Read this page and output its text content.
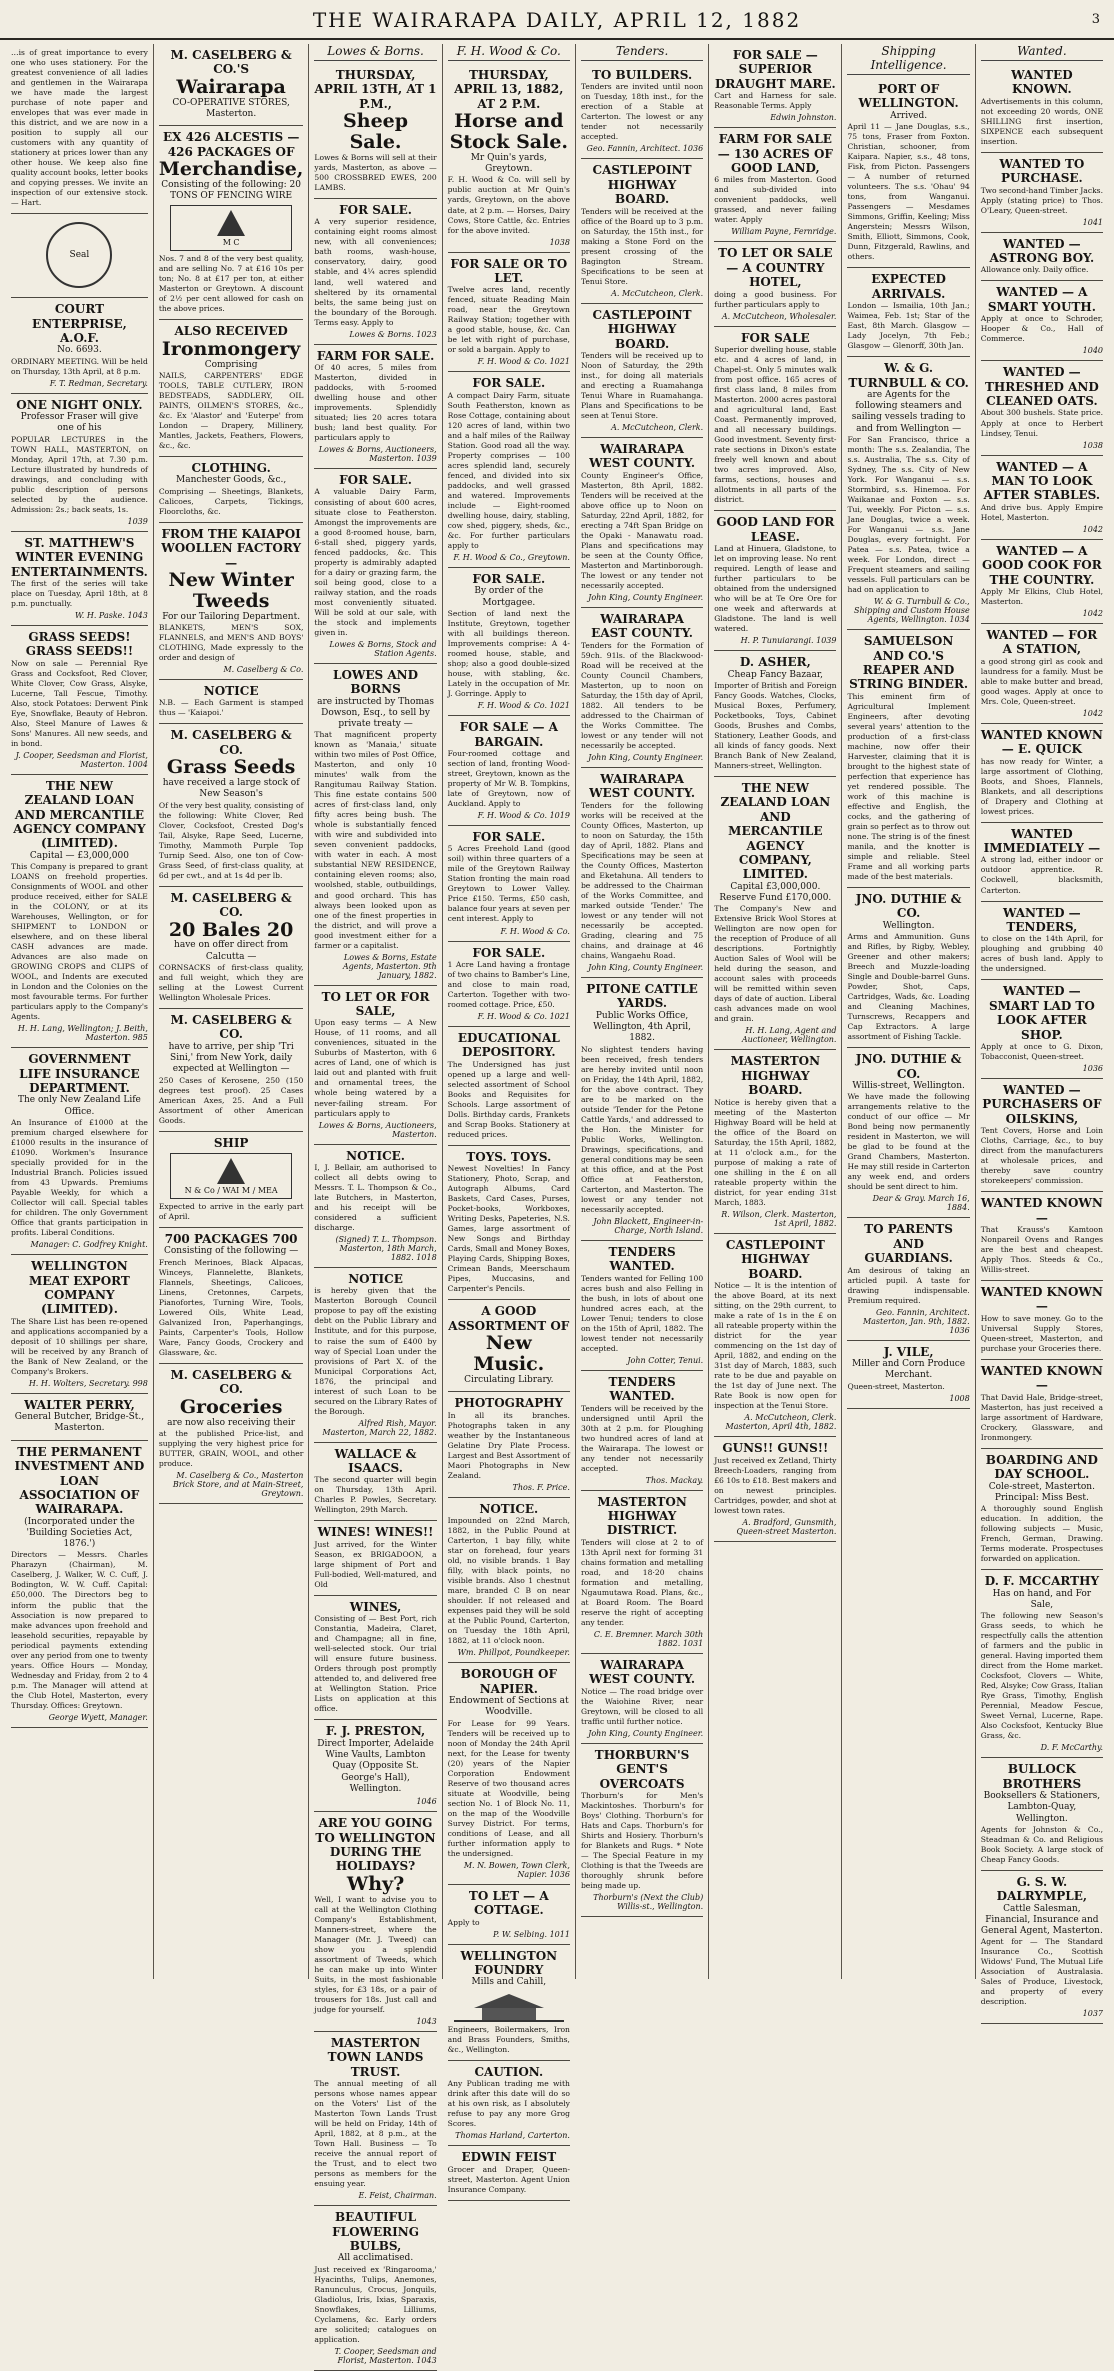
THE WAIRARAPA DAILY, APRIL 12, 1882	3
…is of great importance to every one who uses stationery. For the greatest convenience of all ladies and gentlemen in the Wairarapa we have made the largest purchase of note paper and envelopes that was ever made in this district, and we are now in a position to supply all our customers with any quantity of stationery at prices lower than any other house. We keep also fine quality account books, letter books and copying presses. We invite an inspection of our extensive stock. — Hart.
Seal
COURT ENTERPRISE, A.O.F.
No. 6693.
ORDINARY MEETING. Will be held on Thursday, 13th April, at 8 p.m.
F. T. Redman, Secretary.
ONE NIGHT ONLY.
Professor Fraser will give one of his
POPULAR LECTURES in the TOWN HALL, MASTERTON, on Monday, April 17th, at 7.30 p.m. Lecture illustrated by hundreds of drawings, and concluding with public description of persons selected by the audience. Admission: 2s.; back seats, 1s.
1039
ST. MATTHEW'S WINTER EVENING ENTERTAINMENTS.
The first of the series will take place on Tuesday, April 18th, at 8 p.m. punctually.
W. H. Paske. 1043
GRASS SEEDS! GRASS SEEDS!!
Now on sale — Perennial Rye Grass and Cocksfoot, Red Clover, White Clover, Cow Grass, Alsyke, Lucerne, Tall Fescue, Timothy. Also, stock Potatoes: Derwent Pink Eye, Snowflake, Beauty of Hebron. Also, Steel Manure of Lawes & Sons' Manures. All new seeds, and in bond.
J. Cooper, Seedsman and Florist, Masterton. 1004
THE NEW ZEALAND LOAN AND MERCANTILE AGENCY COMPANY (LIMITED).
Capital — £3,000,000
This Company is prepared to grant LOANS on freehold properties. Consignments of WOOL and other produce received, either for SALE in the COLONY, or at its Warehouses, Wellington, or for SHIPMENT to LONDON or elsewhere, and on these liberal CASH advances are made. Advances are also made on GROWING CROPS and CLIPS of WOOL, and Indents are executed in London and the Colonies on the most favourable terms. For further particulars apply to the Company's Agents.
H. H. Lang, Wellington; J. Beith, Masterton. 985
GOVERNMENT LIFE INSURANCE DEPARTMENT.
The only New Zealand Life Office.
An Insurance of £1000 at the premium charged elsewhere for £1000 results in the insurance of £1090. Workmen's Insurance specially provided for in the Industrial Branch. Policies issued from 43 Upwards. Premiums Payable Weekly, for which a Collector will call. Special tables for children. The only Government Office that grants participation in profits. Liberal Conditions.
Manager: C. Godfrey Knight.
WELLINGTON MEAT EXPORT COMPANY (LIMITED).
The Share List has been re-opened and applications accompanied by a deposit of 10 shillings per share, will be received by any Branch of the Bank of New Zealand, or the Company's Brokers.
H. H. Wolters, Secretary. 998
WALTER PERRY,
General Butcher, Bridge-St., Masterton.
THE PERMANENT INVESTMENT AND LOAN ASSOCIATION OF WAIRARAPA.
(Incorporated under the 'Building Societies Act, 1876.')
Directors — Messrs. Charles Pharazyn (Chairman), M. Caselberg, J. Walker, W. C. Cuff, J. Bodington, W. W. Cuff. Capital: £50,000. The Directors beg to inform the public that the Association is now prepared to make advances upon freehold and leasehold securities, repayable by periodical payments extending over any period from one to twenty years. Office Hours — Monday, Wednesday and Friday, from 2 to 4 p.m. The Manager will attend at the Club Hotel, Masterton, every Thursday. Offices: Greytown.
George Wyett, Manager.
M. CASELBERG & CO.'S
Wairarapa
CO-OPERATIVE STORES, Masterton.
EX 426 ALCESTIS — 426 PACKAGES OF
Merchandise,
Consisting of the following: 20 TONS OF FENCING WIRE
M C
Nos. 7 and 8 of the very best quality, and are selling No. 7 at £16 10s per ton; No. 8 at £17 per ton, at either Masterton or Greytown. A discount of 2½ per cent allowed for cash on the above prices.
ALSO RECEIVED
Ironmongery
Comprising
NAILS, CARPENTERS' EDGE TOOLS, TABLE CUTLERY, IRON BEDSTEADS, SADDLERY, OIL PAINTS, OILMEN'S STORES, &c., &c. Ex 'Alastor' and 'Euterpe' from London — Drapery, Millinery, Mantles, Jackets, Feathers, Flowers, &c., &c.
CLOTHING.
Manchester Goods, &c.,
Comprising — Sheetings, Blankets, Calicoes, Carpets, Tickings, Floorcloths, &c.
FROM THE KAIAPOI WOOLLEN FACTORY —
New Winter Tweeds
For our Tailoring Department.
BLANKETS, MEN'S SOX, FLANNELS, and MEN'S AND BOYS' CLOTHING, Made expressly to the order and design of
M. Caselberg & Co.
NOTICE
N.B. — Each Garment is stamped thus — 'Kaiapoi.'
M. CASELBERG & CO.
Grass Seeds
have received a large stock of New Season's
Of the very best quality, consisting of the following: White Clover, Red Clover, Cocksfoot, Crested Dog's Tail, Alsyke, Rape Seed, Lucerne, Timothy, Mammoth Purple Top Turnip Seed. Also, one ton of Cow-Grass Seed, of first-class quality, at 6d per cwt., and at 1s 4d per lb.
M. CASELBERG & CO.
20 Bales 20
have on offer direct from Calcutta —
CORNSACKS of first-class quality, and full weight, which they are selling at the Lowest Current Wellington Wholesale Prices.
M. CASELBERG & CO.
have to arrive, per ship 'Tri Sini,' from New York, daily expected at Wellington —
250 Cases of Kerosene, 250 (150 degrees test proof). 25 Cases American Axes, 25. And a Full Assortment of other American Goods.
SHIP
N & Co / WAI M / MEA
Expected to arrive in the early part of April.
700 PACKAGES 700
Consisting of the following —
French Merinoes, Black Alpacas, Winceys, Flannelette, Blankets, Flannels, Sheetings, Calicoes, Linens, Cretonnes, Carpets, Pianofortes, Turning Wire, Tools, Lowered Oils, White Lead, Galvanized Iron, Paperhangings, Paints, Carpenter's Tools, Hollow Ware, Fancy Goods, Crockery and Glassware, &c.
M. CASELBERG & CO.
Groceries
are now also receiving their
at the published Price-list, and supplying the very highest price for BUTTER, GRAIN, WOOL, and other produce.
M. Caselberg & Co., Masterton Brick Store, and at Main-Street, Greytown.
Lowes & Borns.
THURSDAY, APRIL 13TH, AT 1 P.M.,
Sheep Sale.
Lowes & Borns will sell at their yards, Masterton, as above — 500 CROSSBRED EWES, 200 LAMBS.
FOR SALE.
A very superior residence, containing eight rooms almost new, with all conveniences; bath rooms, wash-house, conservatory, dairy, good stable, and 4¼ acres splendid land, well watered and sheltered by its ornamental belts, the same being just on the boundary of the Borough. Terms easy. Apply to
Lowes & Borns. 1023
FARM FOR SALE.
Of 40 acres, 5 miles from Masterton, divided in paddocks, with 5-roomed dwelling house and other improvements. Splendidly situated; lies 20 acres totara bush; land best quality. For particulars apply to
Lowes & Borns, Auctioneers, Masterton. 1039
FOR SALE.
A valuable Dairy Farm, consisting of about 600 acres, situate close to Featherston. Amongst the improvements are a good 8-roomed house, barn, 6-stall shed, piggery yards, fenced paddocks, &c. This property is admirably adapted for a dairy or grazing farm, the soil being good, close to a railway station, and the roads most conveniently situated. Will be sold at our sale, with the stock and implements given in.
Lowes & Borns, Stock and Station Agents.
LOWES AND BORNS
are instructed by Thomas Dowson, Esq., to sell by private treaty —
That magnificent property known as 'Manaia,' situate within two miles of Post Office, Masterton, and only 10 minutes' walk from the Rangitumau Railway Station. This fine estate contains 500 acres of first-class land, only fifty acres being bush. The whole is substantially fenced with wire and subdivided into seven convenient paddocks, with water in each. A most substantial NEW RESIDENCE, containing eleven rooms; also, woolshed, stable, outbuildings, and good orchard. This has always been looked upon as one of the finest properties in the district, and will prove a good investment either for a farmer or a capitalist.
Lowes & Borns, Estate Agents, Masterton. 9th January, 1882.
TO LET OR FOR SALE,
Upon easy terms — A New House, of 11 rooms, and all conveniences, situated in the Suburbs of Masterton, with 6 acres of Land, one of which is laid out and planted with fruit and ornamental trees, the whole being watered by a never-failing stream. For particulars apply to
Lowes & Borns, Auctioneers, Masterton.
NOTICE.
I, J. Bellair, am authorised to collect all debts owing to Messrs. T. L. Thompson & Co., late Butchers, in Masterton, and his receipt will be considered a sufficient discharge.
(Signed) T. L. Thompson. Masterton, 18th March, 1882. 1018
NOTICE
is hereby given that the Masterton Borough Council propose to pay off the existing debt on the Public Library and Institute, and for this purpose, to raise the sum of £400 by way of Special Loan under the provisions of Part X. of the Municipal Corporations Act, 1876, the principal and interest of such Loan to be secured on the Library Rates of the Borough.
Alfred Rish, Mayor. Masterton, March 22, 1882.
WALLACE & ISAACS.
The second quarter will begin on Thursday, 13th April. Charles P. Powles, Secretary. Wellington, 29th March.
WINES! WINES!!
Just arrived, for the Winter Season, ex BRIGADOON, a large shipment of Port and Full-bodied, Well-matured, and Old
WINES,
Consisting of — Best Port, rich Constantia, Madeira, Claret, and Champagne; all in fine, well-selected stock. Our trial will ensure future business. Orders through post promptly attended to, and delivered free at Wellington Station. Price Lists on application at this office.
F. J. PRESTON,
Direct Importer, Adelaide Wine Vaults, Lambton Quay (Opposite St. George's Hall), Wellington.
1046
ARE YOU GOING TO WELLINGTON DURING THE HOLIDAYS?
Why?
Well, I want to advise you to call at the Wellington Clothing Company's Establishment, Manners-street, where the Manager (Mr. J. Tweed) can show you a splendid assortment of Tweeds, which he can make up into Winter Suits, in the most fashionable styles, for £3 18s, or a pair of trousers for 18s. Just call and judge for yourself.
1043
MASTERTON TOWN LANDS TRUST.
The annual meeting of all persons whose names appear on the Voters' List of the Masterton Town Lands Trust will be held on Friday, 14th of April, 1882, at 8 p.m., at the Town Hall. Business — To receive the annual report of the Trust, and to elect two persons as members for the ensuing year.
E. Feist, Chairman.
BEAUTIFUL FLOWERING BULBS,
All acclimatised.
Just received ex 'Ringarooma,' Hyacinths, Tulips, Anemones, Ranunculus, Crocus, Jonquils, Gladiolus, Iris, Ixias, Sparaxis, Snowflakes, Lilliums, Cyclamens, &c. Early orders are solicited; catalogues on application.
T. Cooper, Seedsman and Florist, Masterton. 1043
F. H. Wood & Co.
THURSDAY, APRIL 13, 1882, AT 2 P.M.
Horse and Stock Sale.
Mr Quin's yards, Greytown.
F. H. Wood & Co. will sell by public auction at Mr Quin's yards, Greytown, on the above date, at 2 p.m. — Horses, Dairy Cows, Store Cattle, &c. Entries for the above invited.
1038
FOR SALE OR TO LET.
Twelve acres land, recently fenced, situate Reading Main road, near the Greytown Railway Station; together with a good stable, house, &c. Can be let with right of purchase, or sold a bargain. Apply to
F. H. Wood & Co. 1021
FOR SALE.
A compact Dairy Farm, situate South Featherston, known as Rose Cottage, containing about 120 acres of land, within two and a half miles of the Railway Station. Good road all the way. Property comprises — 100 acres splendid land, securely fenced, and divided into six paddocks, and well grassed and watered. Improvements include — Eight-roomed dwelling house, dairy, stabling, cow shed, piggery, sheds, &c., &c. For further particulars apply to
F. H. Wood & Co., Greytown.
FOR SALE.
By order of the Mortgagee.
Section of land next the Institute, Greytown, together with all buildings thereon. Improvements comprise: A 4-roomed house, stable, and shop; also a good double-sized house, with stabling, &c. Lately in the occupation of Mr. J. Gorringe. Apply to
F. H. Wood & Co. 1021
FOR SALE — A BARGAIN.
Four-roomed cottage and section of land, fronting Wood-street, Greytown, known as the property of Mr W. B. Tompkins, late of Greytown, now of Auckland. Apply to
F. H. Wood & Co. 1019
FOR SALE.
5 Acres Freehold Land (good soil) within three quarters of a mile of the Greytown Railway Station fronting the main road Greytown to Lower Valley. Price £150. Terms, £50 cash, balance four years at seven per cent interest. Apply to
F. H. Wood & Co.
FOR SALE.
1 Acre Land having a frontage of two chains to Bamber's Line, and close to main road, Carterton. Together with two-roomed cottage. Price, £50.
F. H. Wood & Co. 1021
EDUCATIONAL DEPOSITORY.
The Undersigned has just opened up a large and well-selected assortment of School Books and Requisites for Schools. Large assortment of Dolls. Birthday cards, Frankets and Scrap Books. Stationery at reduced prices.
TOYS. TOYS.
Newest Novelties! In Fancy Stationery, Photo, Scrap, and Autograph Albums, Card Baskets, Card Cases, Purses, Pocket-books, Workboxes, Writing Desks, Papeteries, N.S. Games, large assortment of New Songs and Birthday Cards, Small and Money Boxes, Playing Cards, Shipping Boxes, Crimean Bands, Meerschaum Pipes, Muccasins, and Carpenter's Pencils.
A GOOD ASSORTMENT OF
New Music.
Circulating Library.
PHOTOGRAPHY
In all its branches. Photographs taken in any weather by the Instantaneous Gelatine Dry Plate Process. Largest and Best Assortment of Maori Photographs in New Zealand.
Thos. F. Price.
NOTICE.
Impounded on 22nd March, 1882, in the Public Pound at Carterton, 1 bay filly, white star on forehead, four years old, no visible brands. 1 Bay filly, with black points, no visible brands. Also 1 chestnut mare, branded C B on near shoulder. If not released and expenses paid they will be sold at the Public Pound, Carterton, on Tuesday the 18th April, 1882, at 11 o'clock noon.
Wm. Phillpot, Poundkeeper.
BOROUGH OF NAPIER.
Endowment of Sections at Woodville.
For Lease for 99 Years. Tenders will be received up to noon of Monday the 24th April next, for the Lease for twenty (20) years of the Napier Corporation Endowment Reserve of two thousand acres situate at Woodville, being section No. 1 of Block No. 11, on the map of the Woodville Survey District. For terms, conditions of Lease, and all further information apply to the undersigned.
M. N. Bowen, Town Clerk, Napier. 1036
TO LET — A COTTAGE.
Apply to
P. W. Selbing. 1011
WELLINGTON FOUNDRY
Mills and Cahill,
Engineers, Boilermakers, Iron and Brass Founders, Smiths, &c., Wellington.
CAUTION.
Any Publican trading me with drink after this date will do so at his own risk, as I absolutely refuse to pay any more Grog Scores.
Thomas Harland, Carterton.
EDWIN FEIST
Grocer and Draper, Queen-street, Masterton. Agent Union Insurance Company.
Tenders.
TO BUILDERS.
Tenders are invited until noon on Tuesday, 18th inst., for the erection of a Stable at Carterton. The lowest or any tender not necessarily accepted.
Geo. Fannin, Architect. 1036
CASTLEPOINT HIGHWAY BOARD.
Tenders will be received at the office of the Board up to 3 p.m. on Saturday, the 15th inst., for making a Stone Ford on the present crossing of the Bagington Stream. Specifications to be seen at Tenui Store.
A. McCutcheon, Clerk.
CASTLEPOINT HIGHWAY BOARD.
Tenders will be received up to Noon of Saturday, the 29th inst., for doing all materials and erecting a Ruamahanga Tenui Whare in Ruamahanga. Plans and Specifications to be seen at Tenui Store.
A. McCutcheon, Clerk.
WAIRARAPA WEST COUNTY.
County Engineer's Office, Masterton, 8th April, 1882. Tenders will be received at the above office up to Noon on Saturday, 22nd April, 1882, for erecting a 74ft Span Bridge on the Opaki - Manawatu road. Plans and specifications may be seen at the County Office, Masterton and Martinborough. The lowest or any tender not necessarily accepted.
John King, County Engineer.
WAIRARAPA EAST COUNTY.
Tenders for the Formation of 59ch. 91ls. of the Blackwood-Road will be received at the County Council Chambers, Masterton, up to noon on Saturday, the 15th day of April, 1882. All tenders to be addressed to the Chairman of the Works Committee. The lowest or any tender will not necessarily be accepted.
John King, County Engineer.
WAIRARAPA WEST COUNTY.
Tenders for the following works will be received at the County Offices, Masterton, up to noon on Saturday, the 15th day of April, 1882. Plans and Specifications may be seen at the County Offices, Masterton and Eketahuna. All tenders to be addressed to the Chairman of the Works Committee, and marked outside 'Tender.' The lowest or any tender will not necessarily be accepted. Grading, clearing and 75 chains, and drainage at 46 chains, Wangaehu Road.
John King, County Engineer.
PITONE CATTLE YARDS.
Public Works Office, Wellington, 4th April, 1882.
No slightest tenders having been received, fresh tenders are hereby invited until noon on Friday, the 14th April, 1882, for the above contract. They are to be marked on the outside 'Tender for the Petone Cattle Yards,' and addressed to the Hon. the Minister for Public Works, Wellington. Drawings, specifications, and general conditions may be seen at this office, and at the Post Office at Featherston, Carterton, and Masterton. The lowest or any tender not necessarily accepted.
John Blackett, Engineer-in-Charge, North Island.
TENDERS WANTED.
Tenders wanted for Felling 100 acres bush and also Felling in the bush, in lots of about one hundred acres each, at the Lower Tenui; tenders to close on the 15th of April, 1882. The lowest tender not necessarily accepted.
John Cotter, Tenui.
TENDERS WANTED.
Tenders will be received by the undersigned until April the 30th at 2 p.m. for Ploughing two hundred acres of land at the Wairarapa. The lowest or any tender not necessarily accepted.
Thos. Mackay.
MASTERTON HIGHWAY DISTRICT.
Tenders will close at 2 to of 13th April next for forming 31 chains formation and metalling road, and 18·20 chains formation and metalling, Ngaumutawa Road. Plans, &c., at Board Room. The Board reserve the right of accepting any tender.
C. E. Bremner. March 30th 1882. 1031
WAIRARAPA WEST COUNTY.
Notice — The road bridge over the Waiohine River, near Greytown, will be closed to all traffic until further notice.
John King, County Engineer.
THORBURN'S GENT'S OVERCOATS
Thorburn's for Men's Mackintoshes. Thorburn's for Boys' Clothing. Thorburn's for Hats and Caps. Thorburn's for Shirts and Hosiery. Thorburn's for Blankets and Rugs. * Note — The Special Feature in my Clothing is that the Tweeds are thoroughly shrunk before being made up.
Thorburn's (Next the Club) Willis-st., Wellington.
FOR SALE — SUPERIOR DRAUGHT MARE.
Cart and Harness for sale. Reasonable Terms. Apply
Edwin Johnston.
FARM FOR SALE — 130 ACRES OF GOOD LAND,
6 miles from Masterton. Good and sub-divided into convenient paddocks, well grassed, and never failing water. Apply
William Payne, Fernridge.
TO LET OR SALE — A COUNTRY HOTEL,
doing a good business. For further particulars apply to
A. McCutcheon, Wholesaler.
FOR SALE
Superior dwelling house, stable etc. and 4 acres of land, in Chapel-st. Only 5 minutes walk from post office. 165 acres of first class land, 8 miles from Masterton. 2000 acres pastoral and agricultural land, East Coast. Permanently improved, and all necessary buildings. Good investment. Seventy first-rate sections in Dixon's estate freely well known and about two acres improved. Also, farms, sections, houses and allotments in all parts of the district.
GOOD LAND FOR LEASE.
Land at Hinuera, Gladstone, to let on improving lease. No rent required. Length of lease and further particulars to be obtained from the undersigned who will be at Te Ore Ore for one week and afterwards at Gladstone. The land is well watered.
H. P. Tunuiarangi. 1039
D. ASHER,
Cheap Fancy Bazaar,
Importer of British and Foreign Fancy Goods. Watches, Clocks, Musical Boxes, Perfumery, Pocketbooks, Toys, Cabinet Goods, Brushes and Combs, Stationery, Leather Goods, and all kinds of fancy goods. Next Branch Bank of New Zealand, Manners-street, Wellington.
THE NEW ZEALAND LOAN AND MERCANTILE AGENCY COMPANY, LIMITED.
Capital £3,000,000. Reserve Fund £170,000.
The Company's New and Extensive Brick Wool Stores at Wellington are now open for the reception of Produce of all descriptions. Fortnightly Auction Sales of Wool will be held during the season, and account sales with proceeds will be remitted within seven days of date of auction. Liberal cash advances made on wool and grain.
H. H. Lang, Agent and Auctioneer, Wellington.
MASTERTON HIGHWAY BOARD.
Notice is hereby given that a meeting of the Masterton Highway Board will be held at the office of the Board on Saturday, the 15th April, 1882, at 11 o'clock a.m., for the purpose of making a rate of one shilling in the £ on all rateable property within the district, for year ending 31st March, 1883.
R. Wilson, Clerk. Masterton, 1st April, 1882.
CASTLEPOINT HIGHWAY BOARD.
Notice — It is the intention of the above Board, at its next sitting, on the 29th current, to make a rate of 1s in the £ on all rateable property within the district for the year commencing on the 1st day of April, 1882, and ending on the 31st day of March, 1883, such rate to be due and payable on the 1st day of June next. The Rate Book is now open for inspection at the Tenui Store.
A. McCutcheon, Clerk. Masterton, April 4th, 1882.
GUNS!! GUNS!!
Just received ex Zetland, Thirty Breech-Loaders, ranging from £6 10s to £18. Best makers and on newest principles. Cartridges, powder, and shot at lowest town rates.
A. Bradford, Gunsmith, Queen-street Masterton.
Shipping Intelligence.
PORT OF WELLINGTON.
Arrived.
April 11 — Jane Douglas, s.s., 75 tons, Fraser from Foxton. Christian, schooner, from Kaipara. Napier, s.s., 48 tons, Fisk, from Picton. Passengers — A number of returned volunteers. The s.s. 'Ohau' 94 tons, from Wanganui. Passengers — Mesdames Simmons, Griffin, Keeling; Miss Angerstein; Messrs Wilson, Smith, Elliott, Simmons, Cook, Dunn, Fitzgerald, Rawlins, and others.
EXPECTED ARRIVALS.
London — Ismailia, 10th Jan.; Waimea, Feb. 1st; Star of the East, 8th March. Glasgow — Lady Jocelyn, 7th Feb.; Glasgow — Glenorff, 30th Jan.
W. & G. TURNBULL & CO.
are Agents for the following steamers and sailing vessels trading to and from Wellington —
For San Francisco, thrice a month: The s.s. Zealandia, The s.s. Australia, The s.s. City of Sydney, The s.s. City of New York. For Wanganui — s.s. Stormbird, s.s. Hinemoa. For Waikanae and Foxton — s.s. Tui, weekly. For Picton — s.s. Jane Douglas, twice a week. For Wanganui — s.s. Jane Douglas, every fortnight. For Patea — s.s. Patea, twice a week. For London, direct — Frequent steamers and sailing vessels. Full particulars can be had on application to
W. & G. Turnbull & Co., Shipping and Custom House Agents, Wellington. 1034
SAMUELSON AND CO.'S REAPER AND STRING BINDER.
This eminent firm of Agricultural Implement Engineers, after devoting several years' attention to the production of a first-class machine, now offer their Harvester, claiming that it is brought to the highest state of perfection that experience has yet rendered possible. The work of this machine is effective and English, the cocks, and the gathering of grain so perfect as to throw out none. The string is of the finest manila, and the knotter is simple and reliable. Steel Frame and all working parts made of the best materials.
JNO. DUTHIE & CO.
Wellington.
Arms and Ammunition. Guns and Rifles, by Rigby, Webley, Greener and other makers; Breech and Muzzle-loading Single and Double-barrel Guns. Powder, Shot, Caps, Cartridges, Wads, &c. Loading and Cleaning Machines, Turnscrews, Recappers and Cap Extractors. A large assortment of Fishing Tackle.
JNO. DUTHIE & CO.
Willis-street, Wellington.
We have made the following arrangements relative to the conduct of our office — Mr Bond being now permanently resident in Masterton, we will be glad to be found at the Grand Chambers, Masterton. He may still reside in Carterton any week end, and orders should be sent direct to him.
Dear & Gray. March 16, 1884.
TO PARENTS AND GUARDIANS.
Am desirous of taking an articled pupil. A taste for drawing indispensable. Premium required.
Geo. Fannin, Architect. Masterton, Jan. 9th, 1882. 1036
J. VILE,
Miller and Corn Produce Merchant.
Queen-street, Masterton.
1008
Wanted.
WANTED KNOWN.
Advertisements in this column, not exceeding 20 words, ONE SHILLING first insertion, SIXPENCE each subsequent insertion.
WANTED TO PURCHASE.
Two second-hand Timber Jacks. Apply (stating price) to Thos. O'Leary, Queen-street.
1041
WANTED — ASTRONG BOY.
Allowance only. Daily office.
WANTED — A SMART YOUTH.
Apply at once to Schroder, Hooper & Co., Hall of Commerce.
1040
WANTED — THRESHED AND CLEANED OATS.
About 300 bushels. State price. Apply at once to Herbert Lindsey, Tenui.
1038
WANTED — A MAN TO LOOK AFTER STABLES.
And drive bus. Apply Empire Hotel, Masterton.
1042
WANTED — A GOOD COOK FOR THE COUNTRY.
Apply Mr Elkins, Club Hotel, Masterton.
1042
WANTED — FOR A STATION,
a good strong girl as cook and laundress for a family. Must be able to make butter and bread, good wages. Apply at once to Mrs. Cole, Queen-street.
1042
WANTED KNOWN — E. QUICK
has now ready for Winter, a large assortment of Clothing, Boots, and Shoes, Flannels, Blankets, and all descriptions of Drapery and Clothing at lowest prices.
WANTED IMMEDIATELY —
A strong lad, either indoor or outdoor apprentice. R. Cockwell, blacksmith, Carterton.
WANTED — TENDERS,
to close on the 14th April, for ploughing and grubbing 40 acres of bush land. Apply to the undersigned.
WANTED — SMART LAD TO LOOK AFTER SHOP.
Apply at once to G. Dixon, Tobacconist, Queen-street.
1036
WANTED — PURCHASERS OF OILSKINS,
Tent Covers, Horse and Loin Cloths, Carriage, &c., to buy direct from the manufacturers at wholesale prices, and thereby save country storekeepers' commission.
WANTED KNOWN —
That Krauss's Kamtoon Nonpareil Ovens and Ranges are the best and cheapest. Apply Thos. Steeds & Co., Willis-street.
WANTED KNOWN —
How to save money. Go to the Universal Supply Stores, Queen-street, Masterton, and purchase your Groceries there.
WANTED KNOWN —
That David Hale, Bridge-street, Masterton, has just received a large assortment of Hardware, Crockery, Glassware, and Ironmongery.
BOARDING AND DAY SCHOOL.
Cole-street, Masterton. Principal: Miss Best.
A thoroughly sound English education. In addition, the following subjects — Music, French, German, Drawing. Terms moderate. Prospectuses forwarded on application.
D. F. MCCARTHY
Has on hand, and For Sale,
The following new Season's Grass seeds, to which he respectfully calls the attention of farmers and the public in general. Having imported them direct from the Home market. Cocksfoot, Clovers — White, Red, Alsyke; Cow Grass, Italian Rye Grass, Timothy, English Perennial, Meadow Fescue, Sweet Vernal, Lucerne, Rape. Also Cocksfoot, Kentucky Blue Grass, &c.
D. F. McCarthy.
BULLOCK BROTHERS
Booksellers & Stationers, Lambton-Quay, Wellington.
Agents for Johnston & Co., Steadman & Co. and Religious Book Society. A large stock of Cheap Fancy Goods.
G. S. W. DALRYMPLE,
Cattle Salesman, Financial, Insurance and General Agent, Masterton.
Agent for — The Standard Insurance Co., Scottish Widows' Fund, The Mutual Life Association of Australasia. Sales of Produce, Livestock, and property of every description.
1037
